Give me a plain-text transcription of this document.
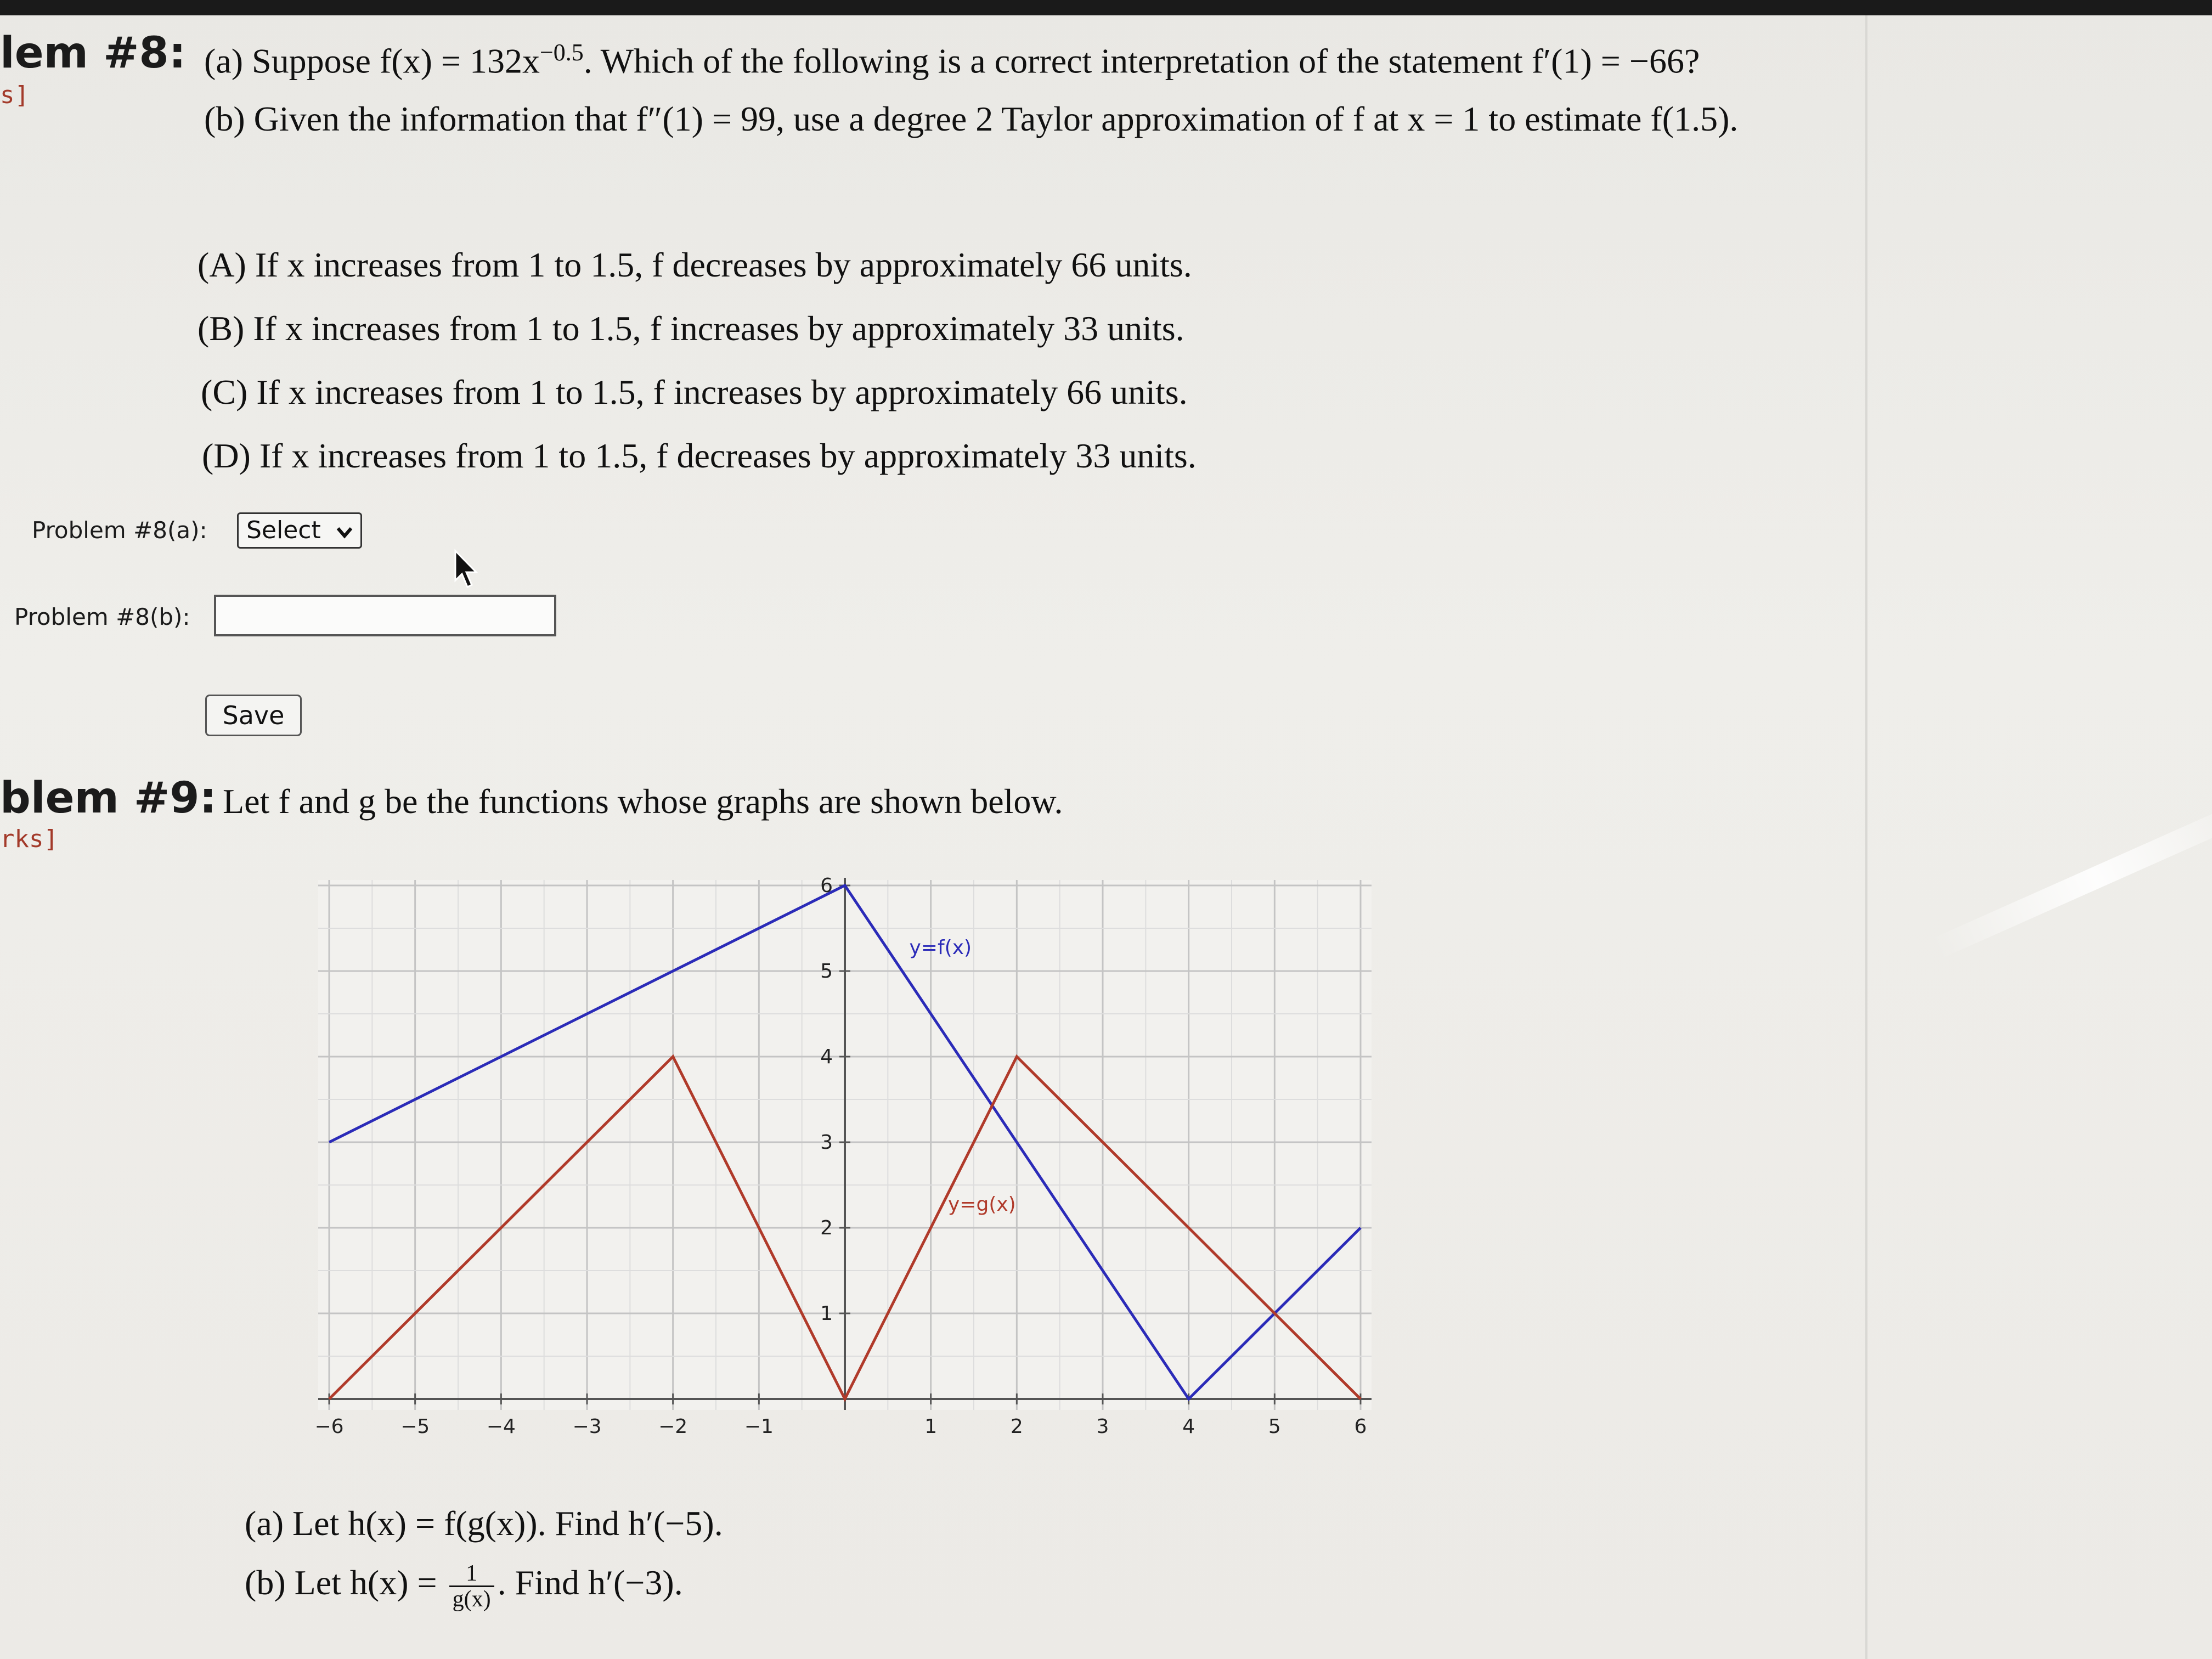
lem #8:
s]
(a) Suppose $f(x) = 132x^{-0.5}$. Which of the following is a correct interpretation of the statement f′(1) = −66?
(b) Given the information that f″(1) = 99, use a degree 2 Taylor approximation of f at x = 1 to estimate f(1.5).
(A) If x increases from 1 to 1.5, f decreases by approximately 66 units.
(B) If x increases from 1 to 1.5, f increases by approximately 33 units.
(C) If x increases from 1 to 1.5, f increases by approximately 66 units.
(D) If x increases from 1 to 1.5, f decreases by approximately 33 units.
Problem #8(a):	Select
Problem #8(b):
Save
blem #9:
rks]
Let f and g be the functions whose graphs are shown below.
−6	−5	−4	−3	−2	−1	1	2	3	4	5	6
1
2
3
4
5
6
y=f(x)
y=g(x)
(a) Let h(x) = f(g(x)). Find h′(−5).
(b) Let $h(x) = \frac{1}{g(x)}$ . Find h′(−3).
